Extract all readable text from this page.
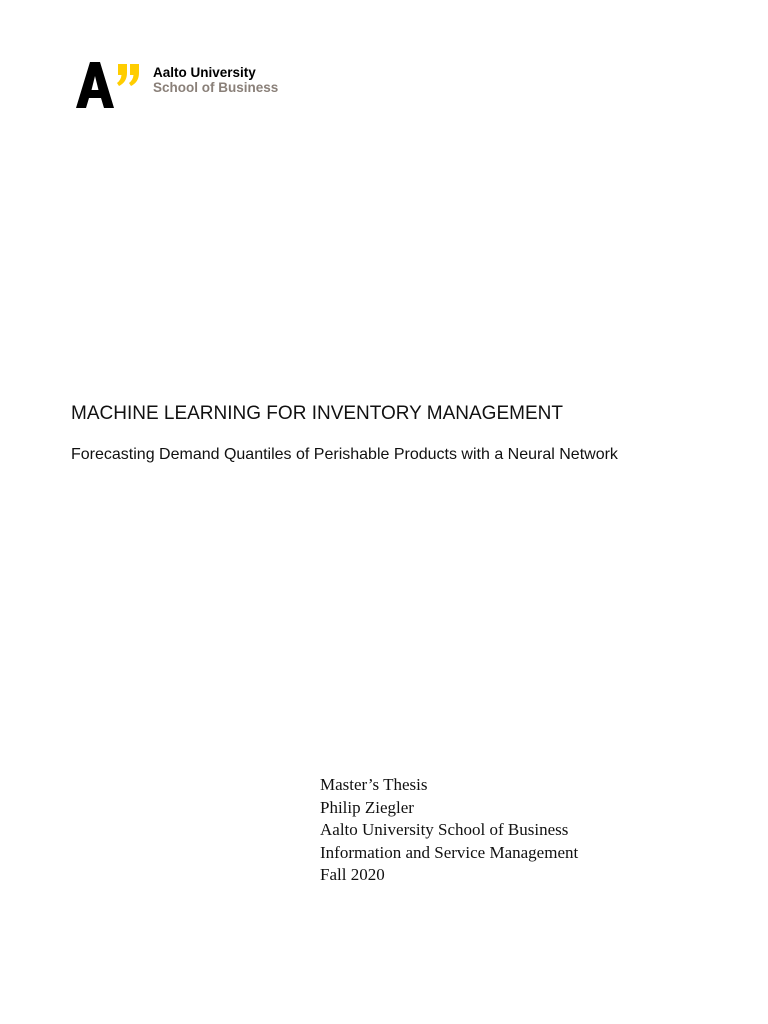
Aalto University
School of Business
MACHINE LEARNING FOR INVENTORY MANAGEMENT

Forecasting Demand Quantiles of Perishable Products with a Neural Network

Master’s Thesis
Philip Ziegler
Aalto University School of Business
Information and Service Management
Fall 2020
